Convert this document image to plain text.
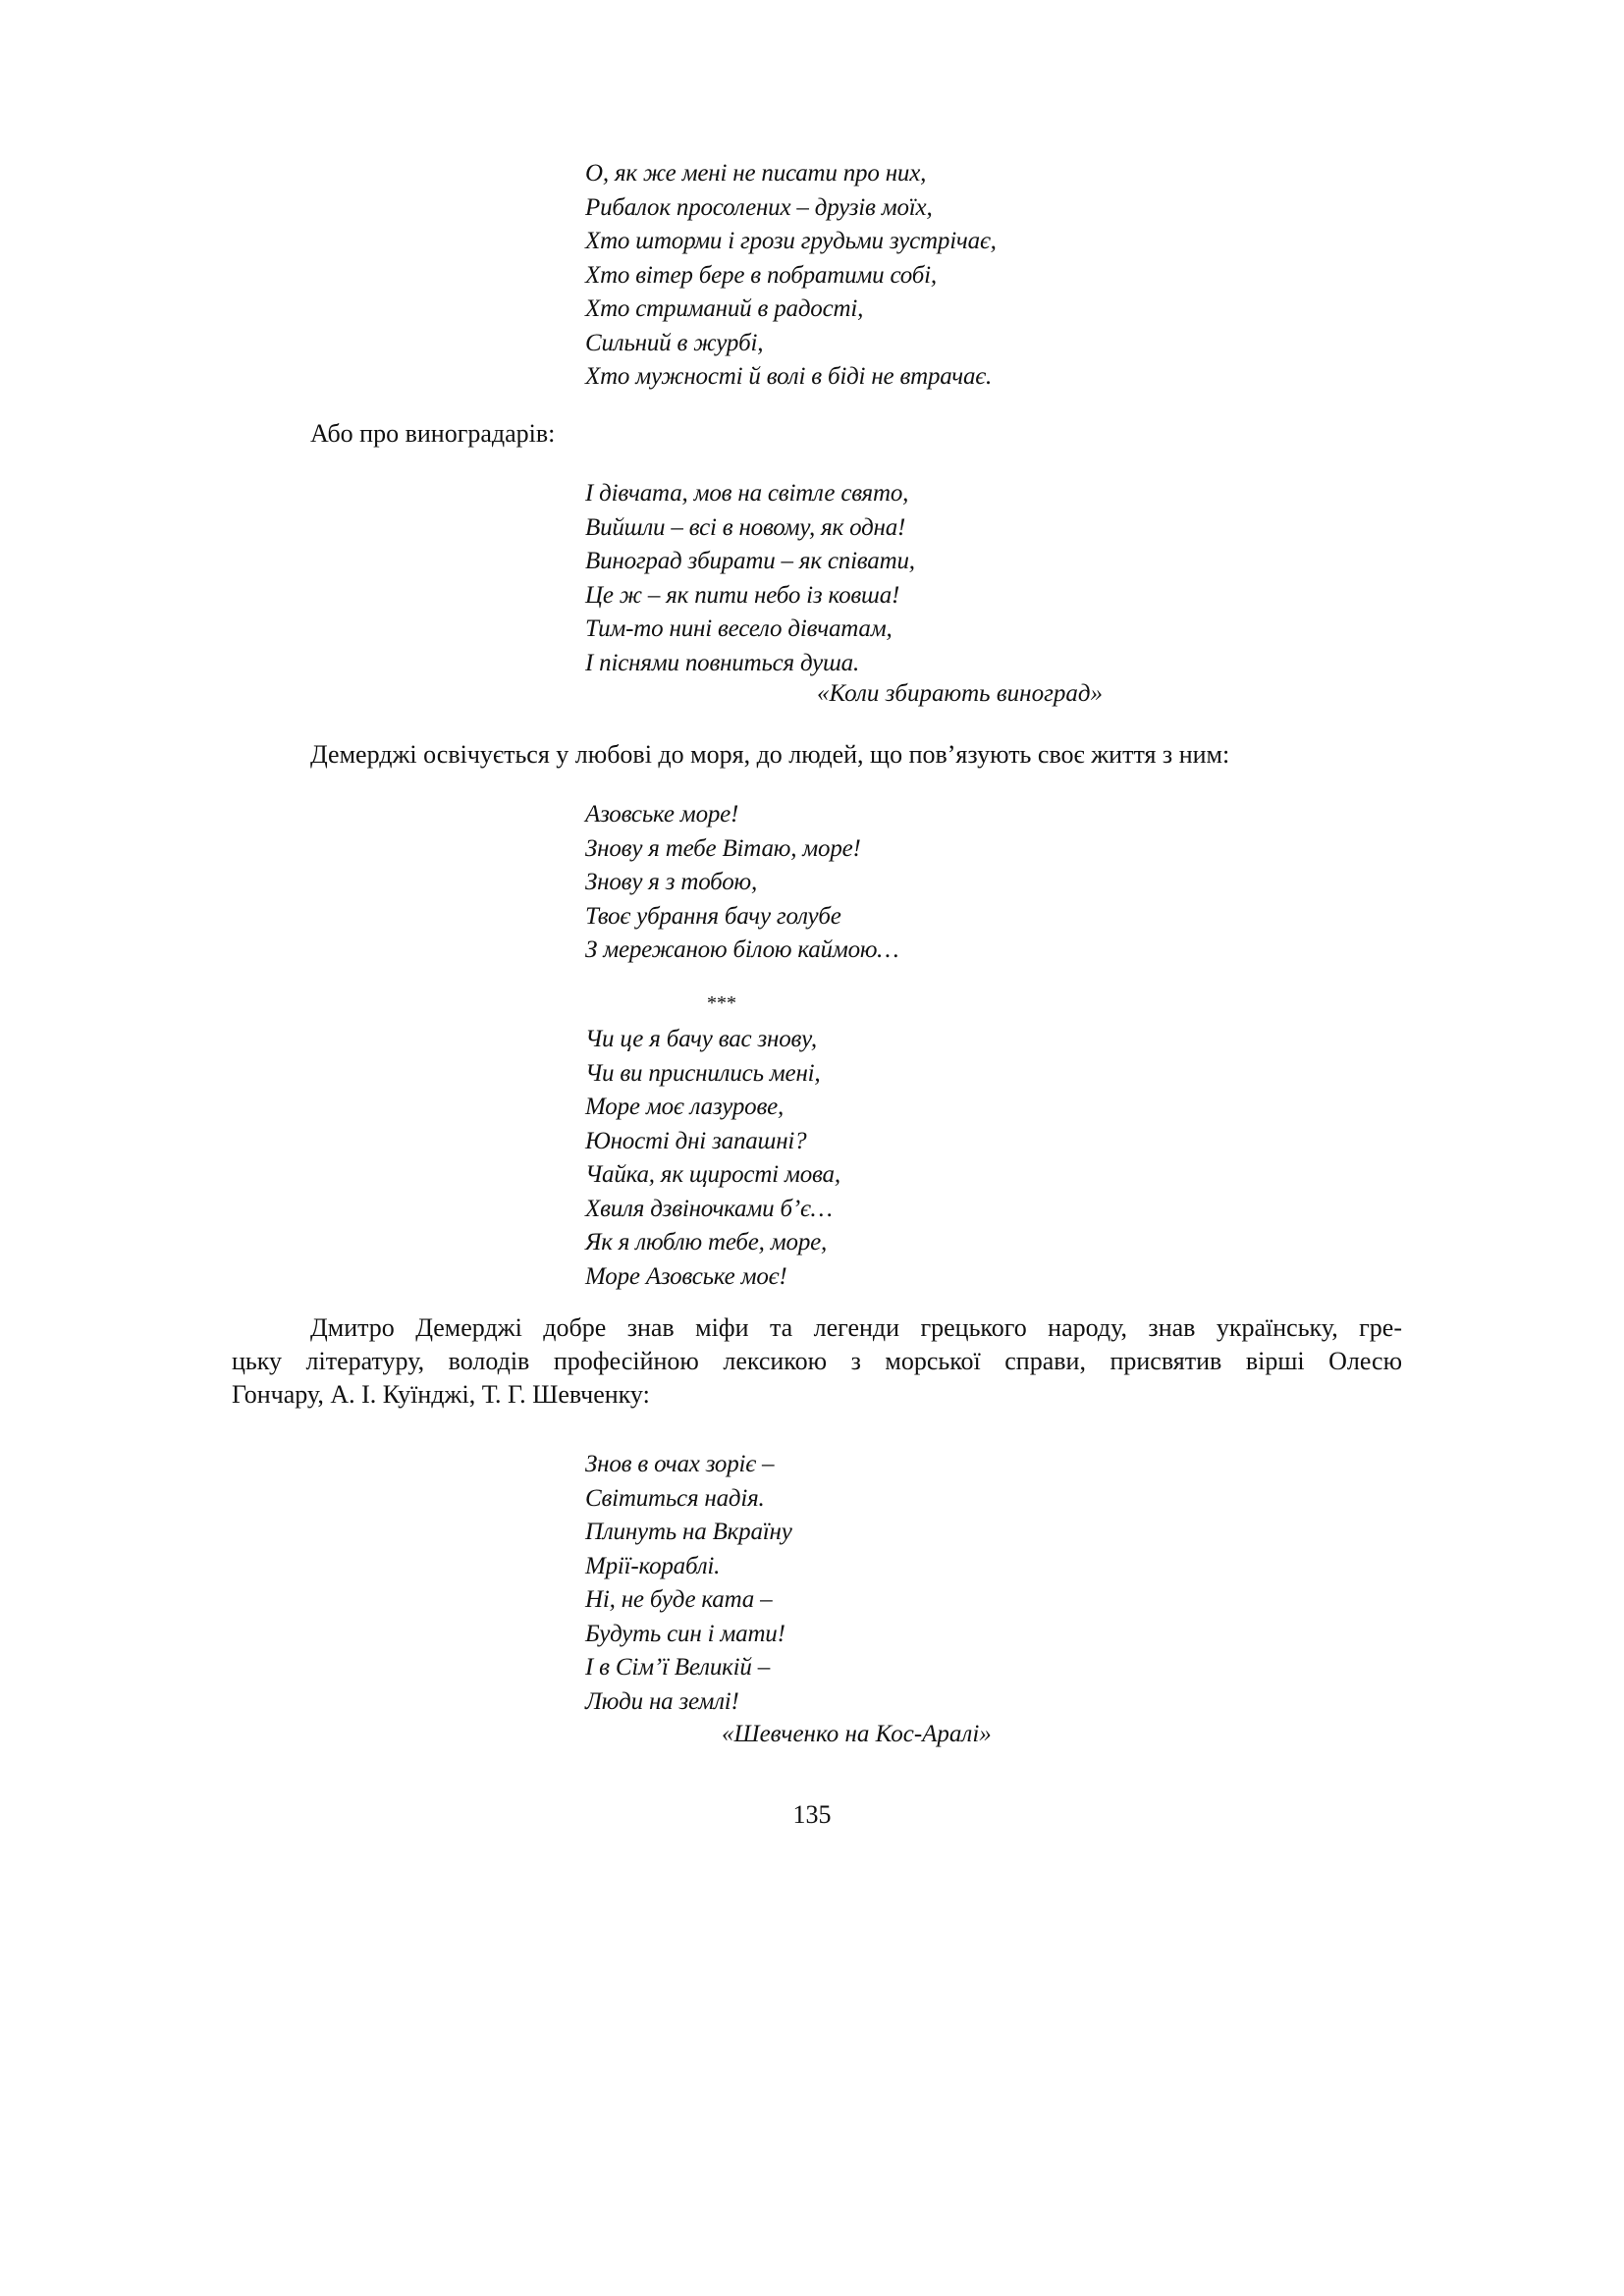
О, як же мені не писати про них,
Рибалок просолених – друзів моїх,
Хто шторми і грози грудьми зустрічає,
Хто вітер бере в побратими собі,
Хто стриманий в радості,
Сильний в журбі,
Хто мужності й волі в біді не втрачає.

Або про виноградарів:

І дівчата, мов на світле свято,
Вийшли – всі в новому, як одна!
Виноград збирати – як співати,
Це ж – як пити небо із ковша!
Тим-то нині весело дівчатам,
І піснями повниться душа.
«Коли збирають виноград»

Демерджі освічується у любові до моря, до людей, що пов’язують своє життя з ним:

Азовське море!
Знову я тебе Вітаю, море!
Знову я з тобою,
Твоє убрання бачу голубе
З мережаною білою каймою…
***
Чи це я бачу вас знову,
Чи ви приснились мені,
Море моє лазурове,
Юності дні запашні?
Чайка, як щирості мова,
Хвиля дзвіночками б’є…
Як я люблю тебе, море,
Море Азовське моє!
Дмитро Демерджі добре знав міфи та легенди грецького народу, знав українську, гре-
цьку літературу, володів професійною лексикою з морської справи, присвятив вірші Олесю
Гончару, А. І. Куїнджі, Т. Г. Шевченку:
Знов в очах зоріє –
Світиться надія.
Плинуть на Вкраїну
Мрії-кораблі.
Ні, не буде ката –
Будуть син і мати!
І в Сім’ї Великій –
Люди на землі!
«Шевченко на Кос-Аралі»
135
